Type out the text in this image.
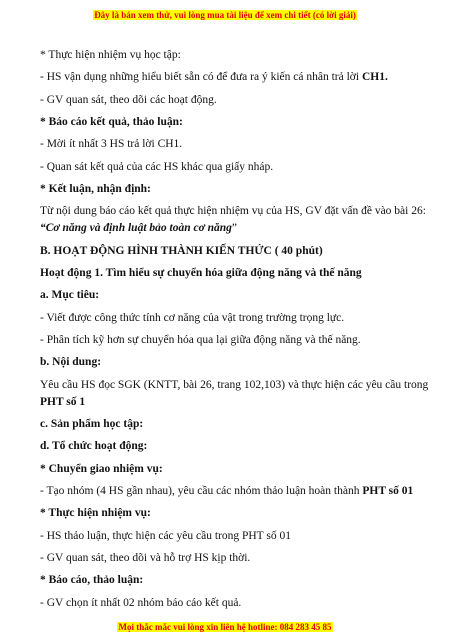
Đây là bản xem thử, vui lòng mua tài liệu để xem chi tiết (có lời giải)
* Thực hiện nhiệm vụ học tập:
- HS vận dụng những hiểu biết sẵn có để đưa ra ý kiến cá nhân trả lời CH1.
- GV quan sát, theo dõi các hoạt động.
* Báo cáo kết quả, thảo luận:
- Mời ít nhất 3 HS trả lời CH1.
- Quan sát kết quả của các HS khác qua giấy nháp.
* Kết luận, nhận định:
Từ nội dung báo cáo kết quả thực hiện nhiệm vụ của HS, GV đặt vấn đề vào bài 26:
“Cơ năng và định luật bảo toàn cơ năng”
B. HOẠT ĐỘNG HÌNH THÀNH KIẾN THỨC ( 40 phút)
Hoạt động 1. Tìm hiểu sự chuyển hóa giữa động năng và thế năng
a. Mục tiêu:
- Viết được công thức tính cơ năng của vật trong trường trọng lực.
- Phân tích kỹ hơn sự chuyển hóa qua lại giữa động năng và thế năng.
b. Nội dung:
Yêu cầu HS đọc SGK (KNTT, bài 26, trang 102,103) và thực hiện các yêu cầu trong
PHT số 1
c. Sản phẩm học tập:
d. Tổ chức hoạt động:
* Chuyển giao nhiệm vụ:
- Tạo nhóm (4 HS gần nhau), yêu cầu các nhóm thảo luận hoàn thành PHT số 01
* Thực hiện nhiệm vụ:
- HS thảo luận, thực hiện các yêu cầu trong PHT số 01
- GV quan sát, theo dõi và hỗ trợ HS kịp thời.
* Báo cáo, thảo luận:
- GV chọn ít nhất 02 nhóm báo cáo kết quả.
Mọi thắc mắc vui lòng xin liên hệ hotline: 084 283 45 85
